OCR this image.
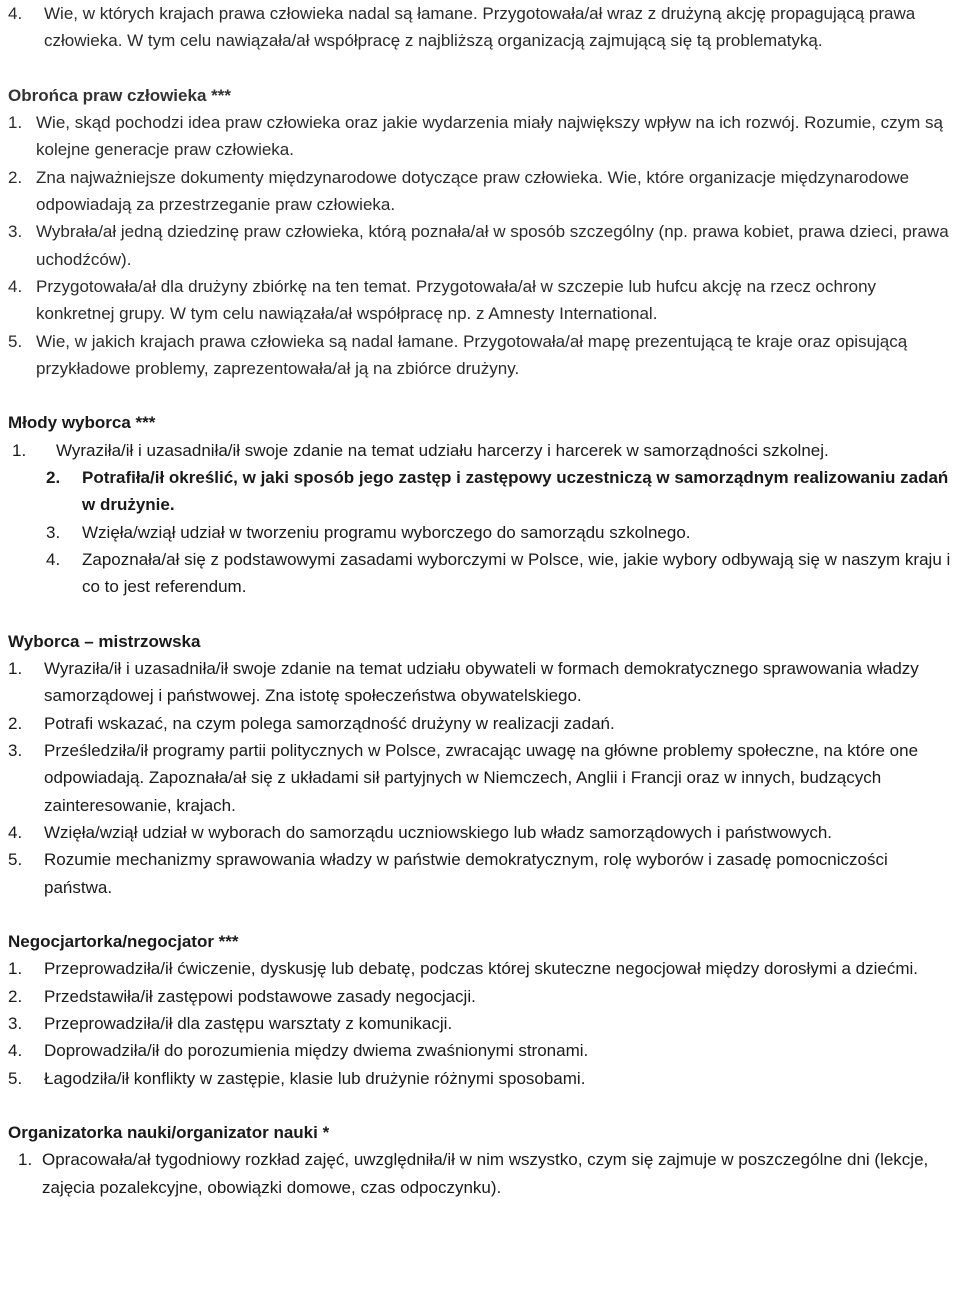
4.	Wie, w których krajach prawa człowieka nadal są łamane. Przygotowała/ał wraz z drużyną akcję propagującą prawa człowieka. W tym celu nawiązała/ał współpracę z najbliższą organizacją zajmującą się tą problematyką.
Obrońca praw człowieka ***
1. Wie, skąd pochodzi idea praw człowieka oraz jakie wydarzenia miały największy wpływ na ich rozwój. Rozumie, czym są kolejne generacje praw człowieka.
2. Zna najważniejsze dokumenty międzynarodowe dotyczące praw człowieka. Wie, które organizacje międzynarodowe odpowiadają za przestrzeganie praw człowieka.
3. Wybrała/ał jedną dziedzinę praw człowieka, którą poznała/ał w sposób szczególny (np. prawa kobiet, prawa dzieci, prawa uchodźców).
4. Przygotowała/ał dla drużyny zbiórkę na ten temat. Przygotowała/ał w szczepie lub hufcu akcję na rzecz ochrony konkretnej grupy. W tym celu nawiązała/ał współpracę np. z Amnesty International.
5. Wie, w jakich krajach prawa człowieka są nadal łamane. Przygotowała/ał mapę prezentującą te kraje oraz opisującą przykładowe problemy, zaprezentowała/ał ją na zbiórce drużyny.
Młody wyborca ***
1.	Wyraziła/ił i uzasadniła/ił swoje zdanie na temat udziału harcerzy i harcerek w samorządności szkolnej.
2.	Potrafiła/ił określić, w jaki sposób jego zastęp i zastępowy uczestniczą w samorządnym realizowaniu zadań w drużynie.
3.	Wzięła/wziął udział w tworzeniu programu wyborczego do samorządu szkolnego.
4.	Zapoznała/ał się z podstawowymi zasadami wyborczymi w Polsce, wie, jakie wybory odbywają się w naszym kraju i co to jest referendum.
Wyborca – mistrzowska
1.	Wyraziła/ił i uzasadniła/ił swoje zdanie na temat udziału obywateli w formach demokratycznego sprawowania władzy samorządowej i państwowej. Zna istotę społeczeństwa obywatelskiego.
2.	Potrafi wskazać, na czym polega samorządność drużyny w realizacji zadań.
3.	Prześledziła/ił programy partii politycznych w Polsce, zwracając uwagę na główne problemy społeczne, na które one odpowiadają. Zapoznała/ał się z układami sił partyjnych w Niemczech, Anglii i Francji oraz w innych, budzących zainteresowanie, krajach.
4.	Wzięła/wziął udział w wyborach do samorządu uczniowskiego lub władz samorządowych i państwowych.
5.	Rozumie mechanizmy sprawowania władzy w państwie demokratycznym, rolę wyborów i zasadę pomocniczości państwa.
Negocjartorka/negocjator ***
1.	Przeprowadziła/ił ćwiczenie, dyskusję lub debatę, podczas której skuteczne negocjował między dorosłymi a dziećmi.
2.	Przedstawiła/ił zastępowi podstawowe zasady negocjacji.
3.	Przeprowadziła/ił dla zastępu warsztaty z komunikacji.
4.	Doprowadziła/ił do porozumienia między dwiema zwaśnionymi stronami.
5.	Łagodziła/ił konflikty w zastępie, klasie lub drużynie różnymi sposobami.
Organizatorka nauki/organizator nauki *
1. Opracowała/ał tygodniowy rozkład zajęć, uwzględniła/ił w nim wszystko, czym się zajmuje w poszczególne dni (lekcje, zajęcia pozalekcyjne, obowiązki domowe, czas odpoczynku).
